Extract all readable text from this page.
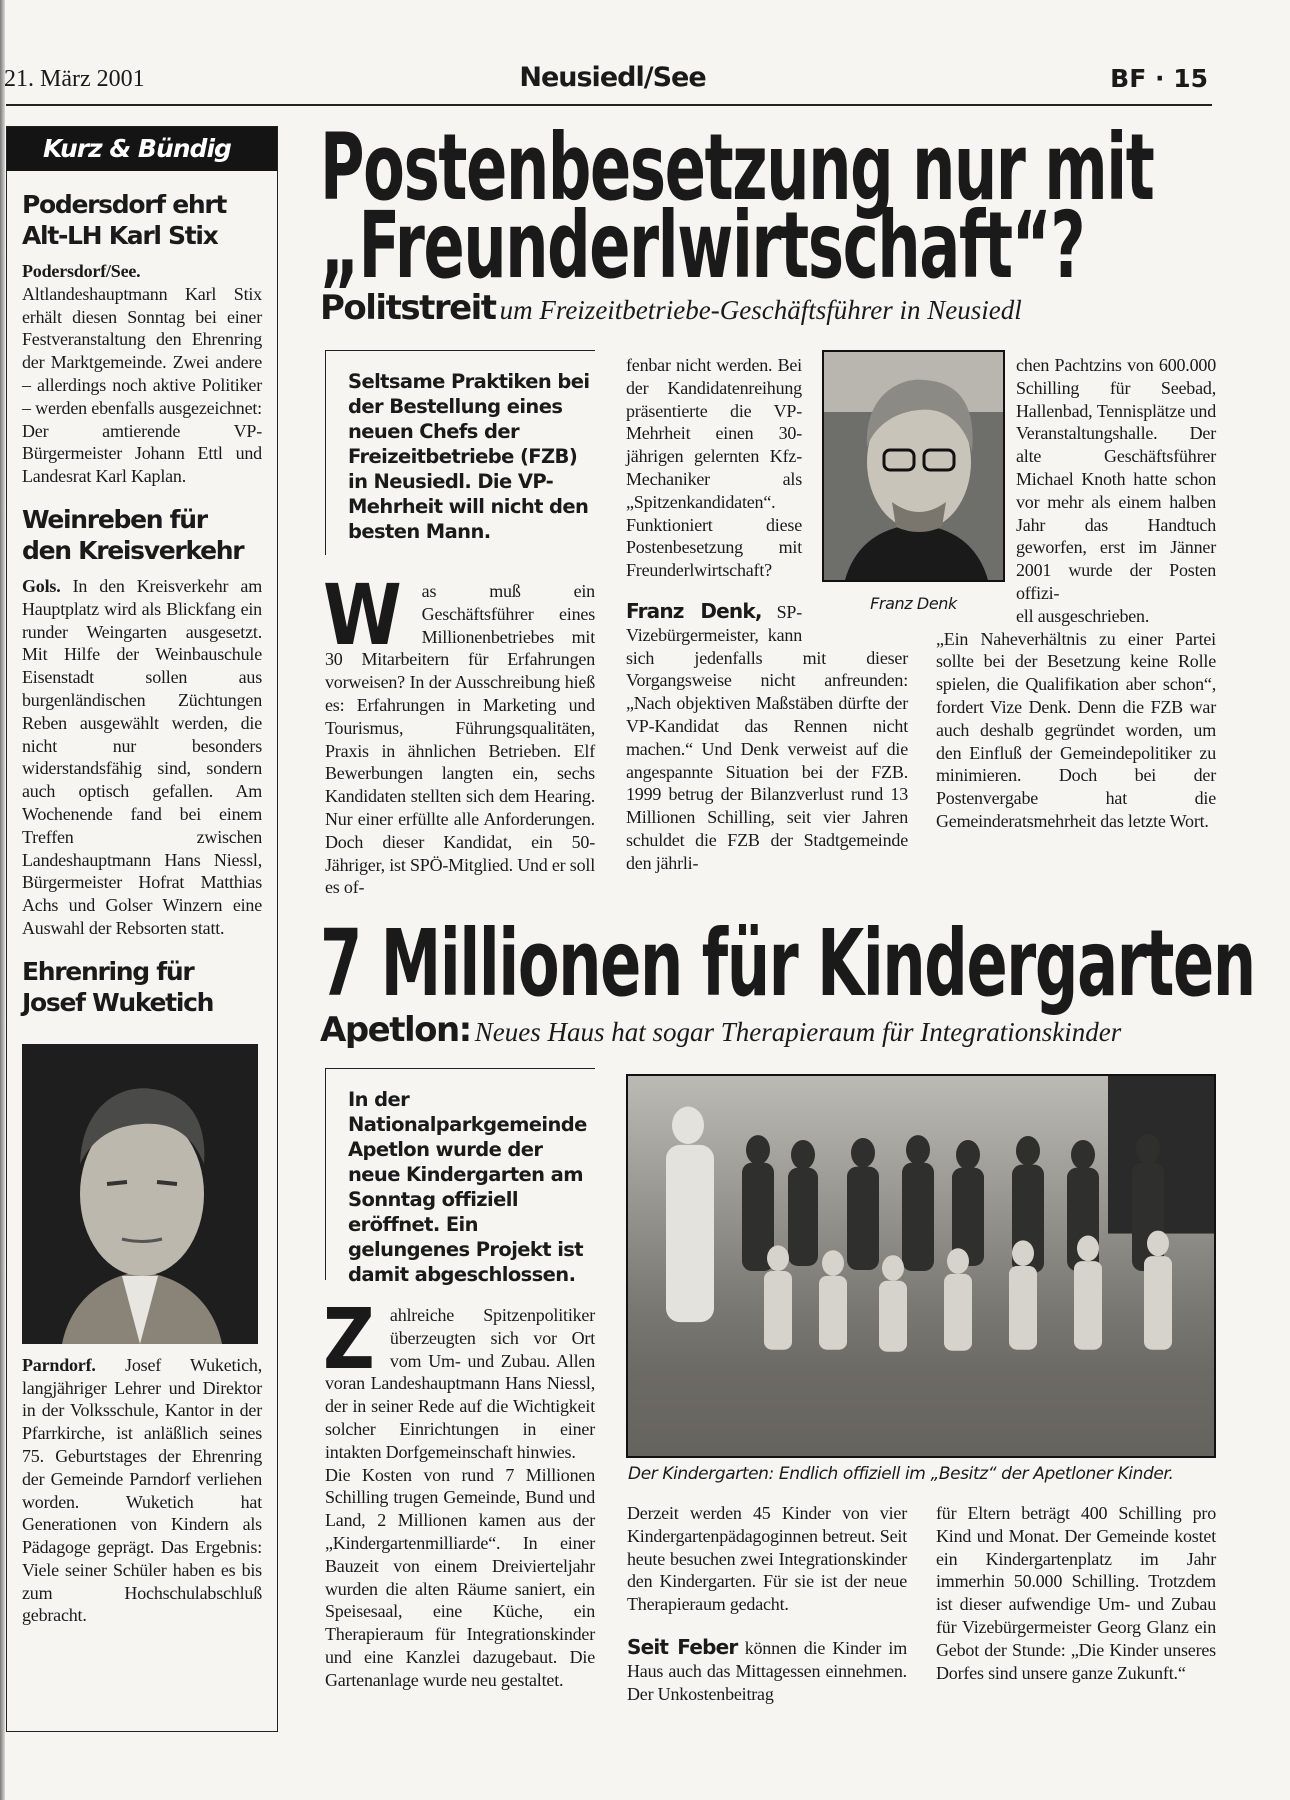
21. März 2001	Neusiedl/See	BF · 15
Kurz & Bündig
Podersdorf ehrt Alt-LH Karl Stix

Podersdorf/See. Altlandeshauptmann Karl Stix erhält diesen Sonntag bei einer Festveranstaltung den Ehrenring der Marktgemeinde. Zwei andere – allerdings noch aktive Politiker – werden ebenfalls ausgezeichnet: Der amtierende VP-Bürgermeister Johann Ettl und Landesrat Karl Kaplan.

Weinreben für den Kreisverkehr

Gols. In den Kreisverkehr am Hauptplatz wird als Blickfang ein runder Weingarten ausgesetzt. Mit Hilfe der Weinbauschule Eisenstadt sollen aus burgenländischen Züchtungen Reben ausgewählt werden, die nicht nur besonders widerstandsfähig sind, sondern auch optisch gefallen. Am Wochenende fand bei einem Treffen zwischen Landeshauptmann Hans Niessl, Bürgermeister Hofrat Matthias Achs und Golser Winzern eine Auswahl der Rebsorten statt.

Ehrenring für Josef Wuketich

Parndorf. Josef Wuketich, langjähriger Lehrer und Direktor in der Volksschule, Kantor in der Pfarrkirche, ist anläßlich seines 75. Geburtstages der Ehrenring der Gemeinde Parndorf verliehen worden. Wuketich hat Generationen von Kindern als Pädagoge geprägt. Das Ergebnis: Viele seiner Schüler haben es bis zum Hochschulabschluß gebracht.

Postenbesetzung nur mit
„Freunderlwirtschaft“?
Politstreit um Freizeitbetriebe-Geschäftsführer in Neusiedl
Seltsame Praktiken bei der Bestellung eines neuen Chefs der Freizeitbetriebe (FZB) in Neusiedl. Die VP-Mehrheit will nicht den besten Mann.
W	as muß ein Geschäftsführer eines Millionenbetriebes mit 30 Mitarbeitern für Erfahrungen vorweisen? In der Ausschreibung hieß es: Erfahrungen in Marketing und Tourismus, Führungsqualitäten, Praxis in ähnlichen Betrieben. Elf Bewerbungen langten ein, sechs Kandidaten stellten sich dem Hearing. Nur einer erfüllte alle Anforderungen. Doch dieser Kandidat, ein 50-Jähriger, ist SPÖ-Mitglied. Und er soll es of-

fenbar nicht werden. Bei der Kandidatenreihung präsentierte die VP-Mehrheit einen 30-jährigen gelernten Kfz-Mechaniker als „Spitzenkandidaten“. Funktioniert diese Postenbesetzung mit Freunderlwirtschaft?

Franz Denk, SP-Vizebürgermeister, kann sich jedenfalls mit dieser Vorgangsweise nicht anfreunden: „Nach objektiven Maßstäben dürfte der VP-Kandidat das Rennen nicht machen.“ Und Denk verweist auf die angespannte Situation bei der FZB. 1999 betrug der Bilanzverlust rund 13 Millionen Schilling, seit vier Jahren schuldet die FZB der Stadtgemeinde den jährli-

Franz Denk

chen Pachtzins von 600.000 Schilling für Seebad, Hallenbad, Tennisplätze und Veranstaltungshalle. Der alte Geschäftsführer Michael Knoth hatte schon vor mehr als einem halben Jahr das Handtuch geworfen, erst im Jänner 2001 wurde der Posten offizi-

ell ausgeschrieben.

„Ein Naheverhältnis zu einer Partei sollte bei der Besetzung keine Rolle spielen, die Qualifikation aber schon“, fordert Vize Denk. Denn die FZB war auch deshalb gegründet worden, um den Einfluß der Gemeindepolitiker zu minimieren. Doch bei der Postenvergabe hat die Gemeinderatsmehrheit das letzte Wort.

7 Millionen für Kindergarten
Apetlon: Neues Haus hat sogar Therapieraum für Integrationskinder
In der Nationalparkgemeinde Apetlon wurde der neue Kindergarten am Sonntag offiziell eröffnet. Ein gelungenes Projekt ist damit abgeschlossen.
Z ahlreiche Spitzenpolitiker überzeugten sich vor Ort vom Um- und Zubau. Allen voran Landeshauptmann Hans Niessl, der in seiner Rede auf die Wichtigkeit solcher Einrichtungen in einer intakten Dorfgemeinschaft hinwies.

Die Kosten von rund 7 Millionen Schilling trugen Gemeinde, Bund und Land, 2 Millionen kamen aus der „Kindergartenmilliarde“. In einer Bauzeit von einem Dreivierteljahr wurden die alten Räume saniert, ein Speisesaal, eine Küche, ein Therapieraum für Integrationskinder und eine Kanzlei dazugebaut. Die Gartenanlage wurde neu gestaltet.

Der Kindergarten: Endlich offiziell im „Besitz“ der Apetloner Kinder.

Derzeit werden 45 Kinder von vier Kindergartenpädagoginnen betreut. Seit heute besuchen zwei Integrationskinder den Kindergarten. Für sie ist der neue Therapieraum gedacht.

Seit Feber können die Kinder im Haus auch das Mittagessen einnehmen. Der Unkostenbeitrag

für Eltern beträgt 400 Schilling pro Kind und Monat. Der Gemeinde kostet ein Kindergartenplatz im Jahr immerhin 50.000 Schilling. Trotzdem ist dieser aufwendige Um- und Zubau für Vizebürgermeister Georg Glanz ein Gebot der Stunde: „Die Kinder unseres Dorfes sind unsere ganze Zukunft.“
